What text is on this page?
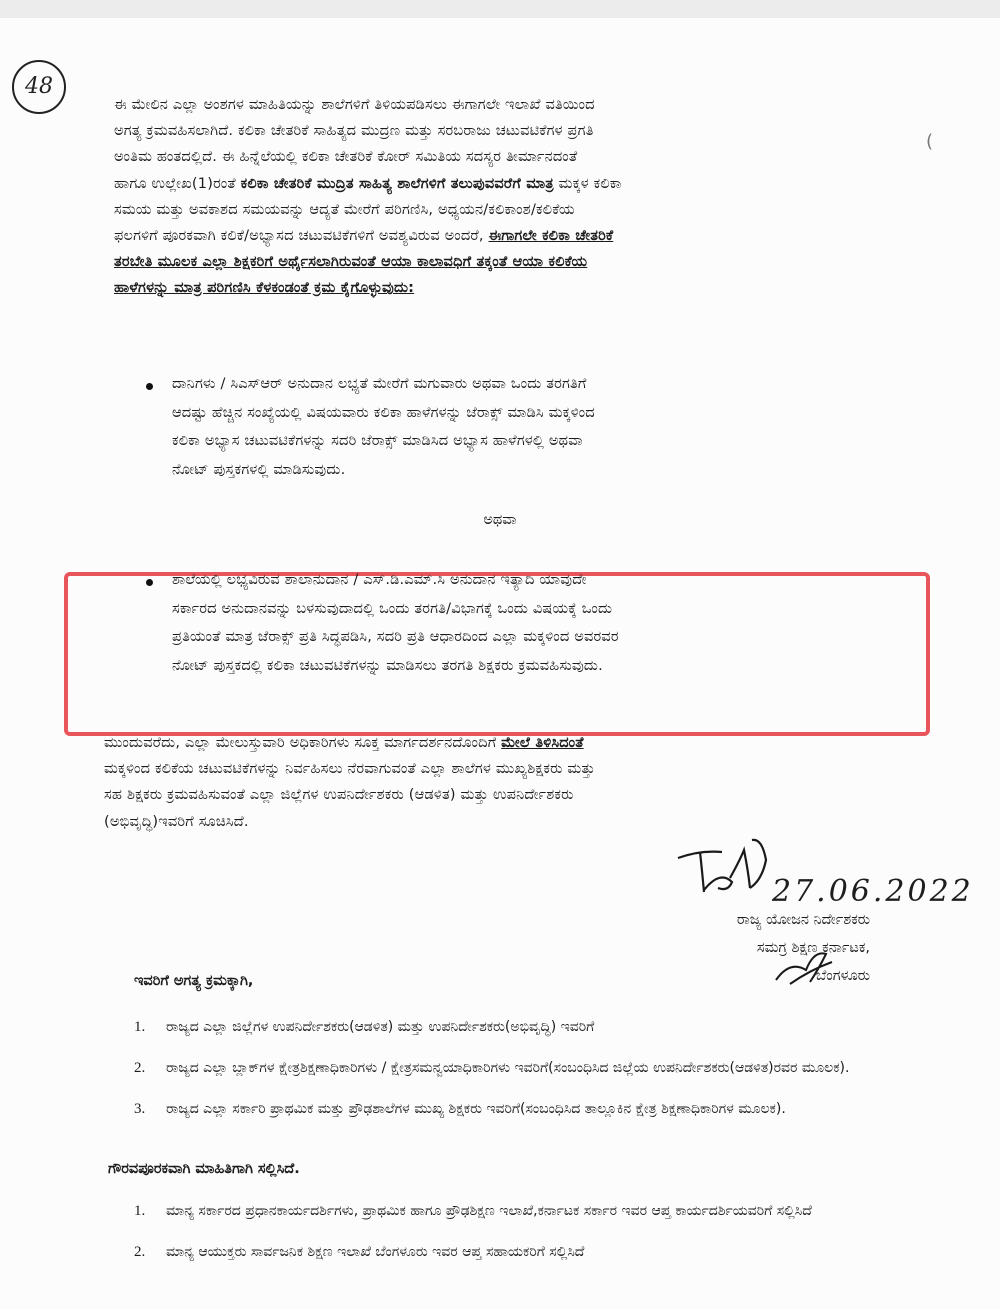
48
(
ಈ ಮೇಲಿನ ಎಲ್ಲಾ ಅಂಶಗಳ ಮಾಹಿತಿಯನ್ನು ಶಾಲೆಗಳಿಗೆ ತಿಳಿಯಪಡಿಸಲು ಈಗಾಗಲೇ ಇಲಾಖೆ ವತಿಯಿಂದ
ಅಗತ್ಯ ಕ್ರಮವಹಿಸಲಾಗಿದೆ. ಕಲಿಕಾ ಚೇತರಿಕೆ ಸಾಹಿತ್ಯದ ಮುದ್ರಣ ಮತ್ತು ಸರಬರಾಜು ಚಟುವಟಿಕೆಗಳ ಪ್ರಗತಿ
ಅಂತಿಮ ಹಂತದಲ್ಲಿದೆ. ಈ ಹಿನ್ನೆಲೆಯಲ್ಲಿ ಕಲಿಕಾ ಚೇತರಿಕೆ ಕೋರ್ ಸಮಿತಿಯ ಸದಸ್ಯರ ತೀರ್ಮಾನದಂತೆ
ಹಾಗೂ ಉಲ್ಲೇಖ(1)ರಂತೆ ಕಲಿಕಾ ಚೇತರಿಕೆ ಮುದ್ರಿತ ಸಾಹಿತ್ಯ ಶಾಲೆಗಳಿಗೆ ತಲುಪುವವರೆಗೆ ಮಾತ್ರ ಮಕ್ಕಳ ಕಲಿಕಾ
ಸಮಯ ಮತ್ತು ಅವಕಾಶದ ಸಮಯವನ್ನು ಆದ್ಯತೆ ಮೇರೆಗೆ ಪರಿಗಣಿಸಿ, ಅಧ್ಯಯನ/ಕಲಿಕಾಂಶ/ಕಲಿಕೆಯ
ಫಲಗಳಿಗೆ ಪೂರಕವಾಗಿ ಕಲಿಕೆ/ಅಭ್ಯಾಸದ ಚಟುವಟಿಕೆಗಳಿಗೆ ಅವಶ್ಯವಿರುವ ಅಂದರೆ, ಈಗಾಗಲೇ ಕಲಿಕಾ ಚೇತರಿಕೆ
ತರಬೇತಿ ಮೂಲಕ ಎಲ್ಲಾ ಶಿಕ್ಷಕರಿಗೆ ಅರ್ಥೈಸಲಾಗಿರುವಂತೆ ಆಯಾ ಕಾಲಾವಧಿಗೆ ತಕ್ಕಂತೆ ಆಯಾ ಕಲಿಕೆಯ
ಹಾಳೆಗಳನ್ನು ಮಾತ್ರ ಪರಿಗಣಿಸಿ ಕೆಳಕಂಡಂತೆ ಕ್ರಮ ಕೈಗೊಳ್ಳುವುದು:
ದಾನಿಗಳು / ಸಿಎಸ್ಆರ್ ಅನುದಾನ ಲಭ್ಯತೆ ಮೇರೆಗೆ ಮಗುವಾರು ಅಥವಾ ಒಂದು ತರಗತಿಗೆ
ಆದಷ್ಟು ಹೆಚ್ಚಿನ ಸಂಖ್ಯೆಯಲ್ಲಿ ವಿಷಯವಾರು ಕಲಿಕಾ ಹಾಳೆಗಳನ್ನು ಜೆರಾಕ್ಸ್ ಮಾಡಿಸಿ ಮಕ್ಕಳಿಂದ
ಕಲಿಕಾ ಅಭ್ಯಾಸ ಚಟುವಟಿಕೆಗಳನ್ನು ಸದರಿ ಜೆರಾಕ್ಸ್ ಮಾಡಿಸಿದ ಅಭ್ಯಾಸ ಹಾಳೆಗಳಲ್ಲಿ ಅಥವಾ
ನೋಟ್ ಪುಸ್ತಕಗಳಲ್ಲಿ ಮಾಡಿಸುವುದು.
ಅಥವಾ
ಶಾಲೆಯಲ್ಲಿ ಲಭ್ಯವಿರುವ ಶಾಲಾನುದಾನ / ಎಸ್.ಡಿ.ಎಮ್.ಸಿ ಅನುದಾನ ಇತ್ಯಾದಿ ಯಾವುದೇ
ಸರ್ಕಾರದ ಅನುದಾನವನ್ನು ಬಳಸುವುದಾದಲ್ಲಿ ಒಂದು ತರಗತಿ/ವಿಭಾಗಕ್ಕೆ ಒಂದು ವಿಷಯಕ್ಕೆ ಒಂದು
ಪ್ರತಿಯಂತೆ ಮಾತ್ರ ಜೆರಾಕ್ಸ್ ಪ್ರತಿ ಸಿದ್ಧಪಡಿಸಿ, ಸದರಿ ಪ್ರತಿ ಆಧಾರದಿಂದ ಎಲ್ಲಾ ಮಕ್ಕಳಿಂದ ಅವರವರ
ನೋಟ್ ಪುಸ್ತಕದಲ್ಲಿ ಕಲಿಕಾ ಚಟುವಟಿಕೆಗಳನ್ನು ಮಾಡಿಸಲು ತರಗತಿ ಶಿಕ್ಷಕರು ಕ್ರಮವಹಿಸುವುದು.
ಮುಂದುವರೆದು, ಎಲ್ಲಾ ಮೇಲುಸ್ತುವಾರಿ ಅಧಿಕಾರಿಗಳು ಸೂಕ್ತ ಮಾರ್ಗದರ್ಶನದೊಂದಿಗೆ ಮೇಲೆ ತಿಳಿಸಿದಂತೆ
ಮಕ್ಕಳಿಂದ ಕಲಿಕೆಯ ಚಟುವಟಿಕೆಗಳನ್ನು ನಿರ್ವಹಿಸಲು ನೆರವಾಗುವಂತೆ ಎಲ್ಲಾ ಶಾಲೆಗಳ ಮುಖ್ಯಶಿಕ್ಷಕರು ಮತ್ತು
ಸಹ ಶಿಕ್ಷಕರು ಕ್ರಮವಹಿಸುವಂತೆ ಎಲ್ಲಾ ಜಿಲ್ಲೆಗಳ ಉಪನಿರ್ದೇಶಕರು (ಆಡಳಿತ) ಮತ್ತು ಉಪನಿರ್ದೇಶಕರು
(ಅಭಿವೃದ್ಧಿ)ಇವರಿಗೆ ಸೂಚಿಸಿದೆ.
27.06.2022
ರಾಜ್ಯ ಯೋಜನ ನಿರ್ದೇಶಕರು
ಸಮಗ್ರ ಶಿಕ್ಷಣ ಕರ್ನಾಟಕ,
ಬೆಂಗಳೂರು
ಇವರಿಗೆ ಅಗತ್ಯ ಕ್ರಮಕ್ಕಾಗಿ,
1. ರಾಜ್ಯದ ಎಲ್ಲಾ ಜಿಲ್ಲೆಗಳ ಉಪನಿರ್ದೇಶಕರು(ಆಡಳಿತ) ಮತ್ತು ಉಪನಿರ್ದೇಶಕರು(ಅಭಿವೃದ್ಧಿ) ಇವರಿಗೆ
2. ರಾಜ್ಯದ ಎಲ್ಲಾ ಬ್ಲಾಕ್‌ಗಳ ಕ್ಷೇತ್ರಶಿಕ್ಷಣಾಧಿಕಾರಿಗಳು / ಕ್ಷೇತ್ರಸಮನ್ವಯಾಧಿಕಾರಿಗಳು ಇವರಿಗೆ(ಸಂಬಂಧಿಸಿದ ಜಿಲ್ಲೆಯ ಉಪನಿರ್ದೇಶಕರು(ಆಡಳಿತ)ರವರ ಮೂಲಕ).
3. ರಾಜ್ಯದ ಎಲ್ಲಾ ಸರ್ಕಾರಿ ಪ್ರಾಥಮಿಕ ಮತ್ತು ಪ್ರೌಢಶಾಲೆಗಳ ಮುಖ್ಯ ಶಿಕ್ಷಕರು ಇವರಿಗೆ(ಸಂಬಂಧಿಸಿದ ತಾಲ್ಲೂಕಿನ ಕ್ಷೇತ್ರ ಶಿಕ್ಷಣಾಧಿಕಾರಿಗಳ ಮೂಲಕ).
ಗೌರವಪೂರಕವಾಗಿ ಮಾಹಿತಿಗಾಗಿ ಸಲ್ಲಿಸಿದೆ.
1. ಮಾನ್ಯ ಸರ್ಕಾರದ ಪ್ರಧಾನಕಾರ್ಯದರ್ಶಿಗಳು, ಪ್ರಾಥಮಿಕ ಹಾಗೂ ಪ್ರೌಢಶಿಕ್ಷಣ ಇಲಾಖೆ,ಕರ್ನಾಟಕ ಸರ್ಕಾರ ಇವರ ಆಪ್ತ ಕಾರ್ಯದರ್ಶಿಯವರಿಗೆ ಸಲ್ಲಿಸಿದೆ
2. ಮಾನ್ಯ ಆಯುಕ್ತರು ಸಾರ್ವಜನಿಕ ಶಿಕ್ಷಣ ಇಲಾಖೆ ಬೆಂಗಳೂರು ಇವರ ಆಪ್ತ ಸಹಾಯಕರಿಗೆ ಸಲ್ಲಿಸಿದೆ
